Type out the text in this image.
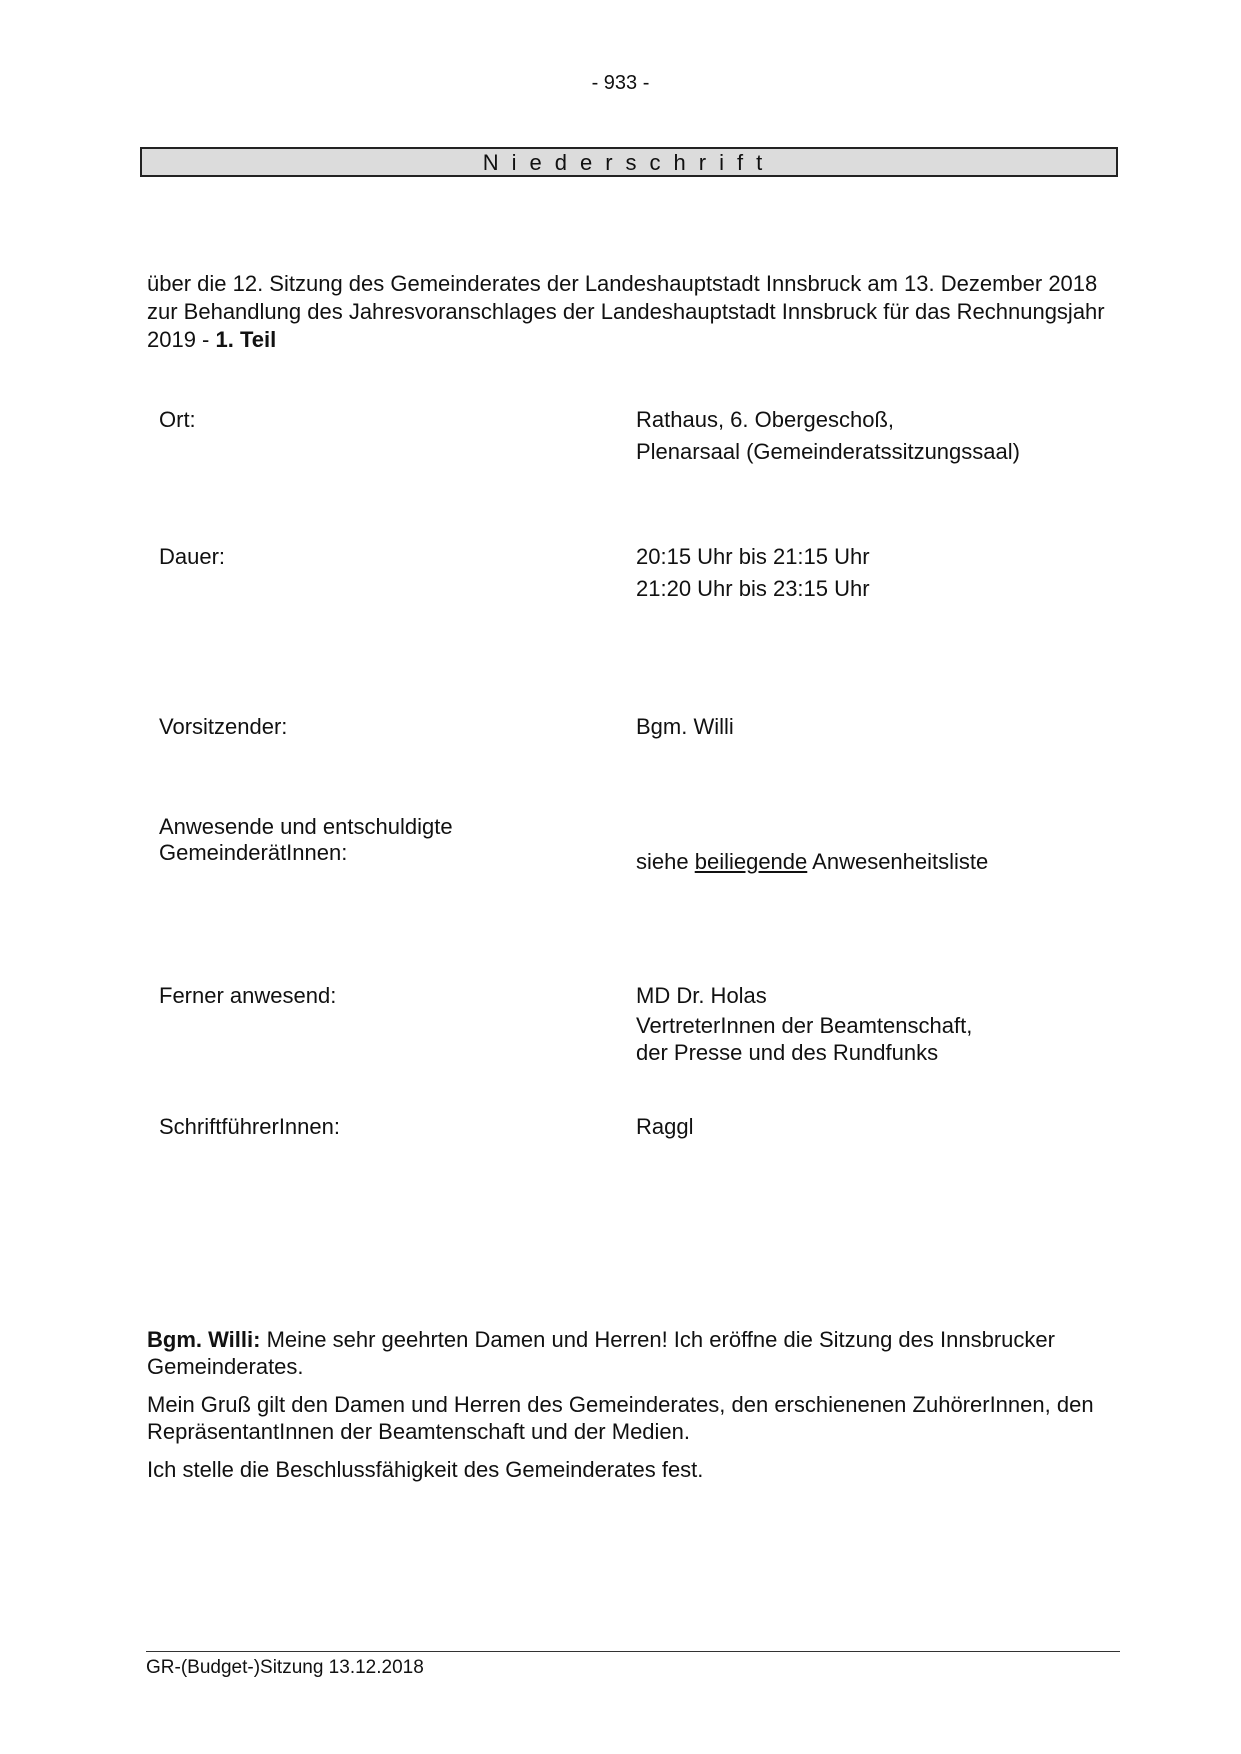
- 933 -
Niederschrift
über die 12. Sitzung des Gemeinderates der Landeshauptstadt Innsbruck am 13. Dezember 2018 zur Behandlung des Jahresvoranschlages der Landeshauptstadt Innsbruck für das Rechnungsjahr 2019 - 1. Teil
Ort:	Rathaus, 6. Obergeschoß,
Plenarsaal (Gemeinderatssitzungssaal)
Dauer:	20:15 Uhr bis 21:15 Uhr
21:20 Uhr bis 23:15 Uhr
Vorsitzender:	Bgm. Willi
Anwesende und entschuldigte
GemeinderätInnen:	siehe beiliegende Anwesenheitsliste
Ferner anwesend:	MD Dr. Holas
VertreterInnen der Beamtenschaft,
der Presse und des Rundfunks
SchriftführerInnen:	Raggl

Bgm. Willi: Meine sehr geehrten Damen und Herren! Ich eröffne die Sitzung des Innsbrucker Gemeinderates.

Mein Gruß gilt den Damen und Herren des Gemeinderates, den erschienenen ZuhörerInnen, den RepräsentantInnen der Beamtenschaft und der Medien.

Ich stelle die Beschlussfähigkeit des Gemeinderates fest.

GR-(Budget-)Sitzung 13.12.2018
